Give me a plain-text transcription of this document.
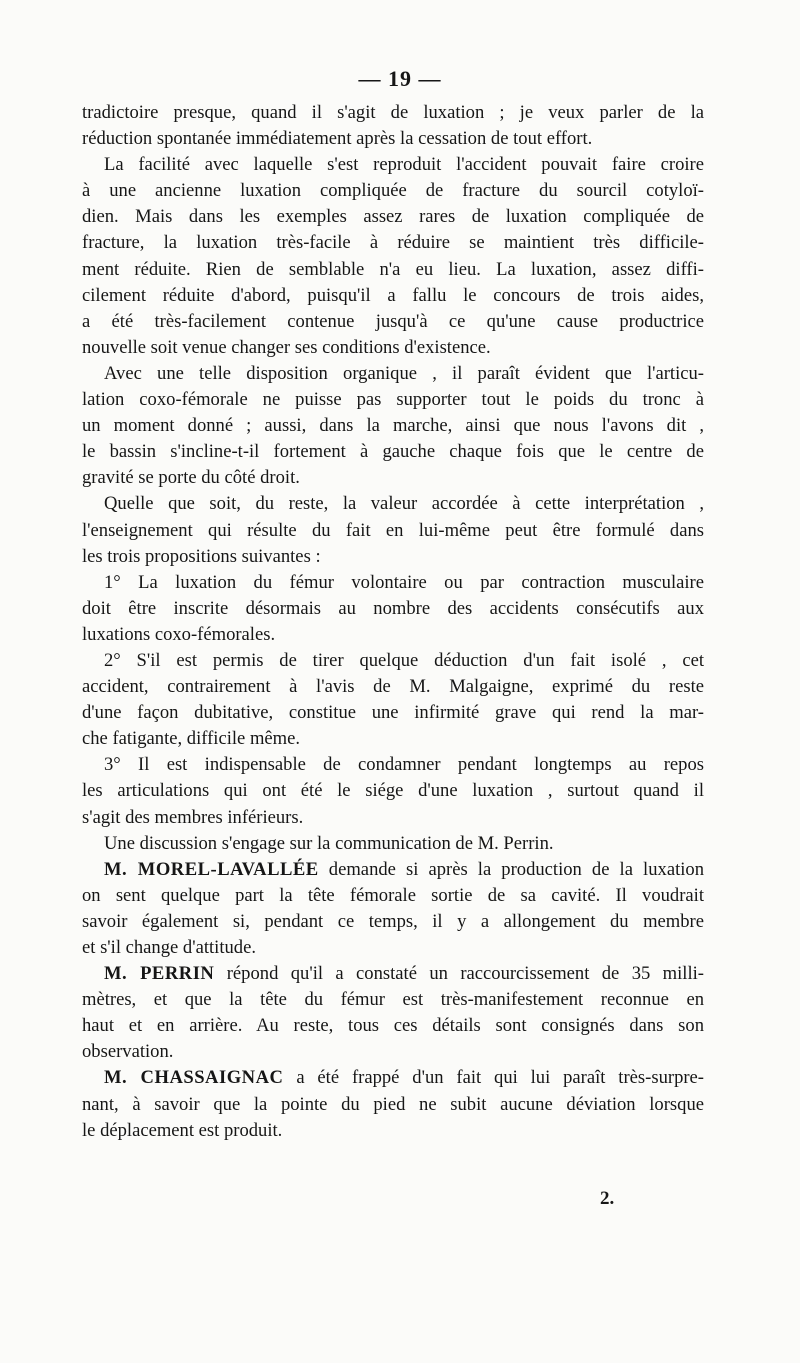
— 19 —
tradictoire presque, quand il s'agit de luxation ; je veux parler de la
réduction spontanée immédiatement après la cessation de tout effort.
La facilité avec laquelle s'est reproduit l'accident pouvait faire croire
à une ancienne luxation compliquée de fracture du sourcil cotyloï-
dien. Mais dans les exemples assez rares de luxation compliquée de
fracture, la luxation très-facile à réduire se maintient très difficile-
ment réduite. Rien de semblable n'a eu lieu. La luxation, assez diffi-
cilement réduite d'abord, puisqu'il a fallu le concours de trois aides,
a été très-facilement contenue jusqu'à ce qu'une cause productrice
nouvelle soit venue changer ses conditions d'existence.
Avec une telle disposition organique , il paraît évident que l'articu-
lation coxo-fémorale ne puisse pas supporter tout le poids du tronc à
un moment donné ; aussi, dans la marche, ainsi que nous l'avons dit ,
le bassin s'incline-t-il fortement à gauche chaque fois que le centre de
gravité se porte du côté droit.
Quelle que soit, du reste, la valeur accordée à cette interprétation ,
l'enseignement qui résulte du fait en lui-même peut être formulé dans
les trois propositions suivantes :
1° La luxation du fémur volontaire ou par contraction musculaire
doit être inscrite désormais au nombre des accidents consécutifs aux
luxations coxo-fémorales.
2° S'il est permis de tirer quelque déduction d'un fait isolé , cet
accident, contrairement à l'avis de M. Malgaigne, exprimé du reste
d'une façon dubitative, constitue une infirmité grave qui rend la mar-
che fatigante, difficile même.
3° Il est indispensable de condamner pendant longtemps au repos
les articulations qui ont été le siége d'une luxation , surtout quand il
s'agit des membres inférieurs.
Une discussion s'engage sur la communication de M. Perrin.
M. MOREL-LAVALLÉE demande si après la production de la luxation
on sent quelque part la tête fémorale sortie de sa cavité. Il voudrait
savoir également si, pendant ce temps, il y a allongement du membre
et s'il change d'attitude.
M. PERRIN répond qu'il a constaté un raccourcissement de 35 milli-
mètres, et que la tête du fémur est très-manifestement reconnue en
haut et en arrière. Au reste, tous ces détails sont consignés dans son
observation.
M. CHASSAIGNAC a été frappé d'un fait qui lui paraît très-surpre-
nant, à savoir que la pointe du pied ne subit aucune déviation lorsque
le déplacement est produit.
2.
